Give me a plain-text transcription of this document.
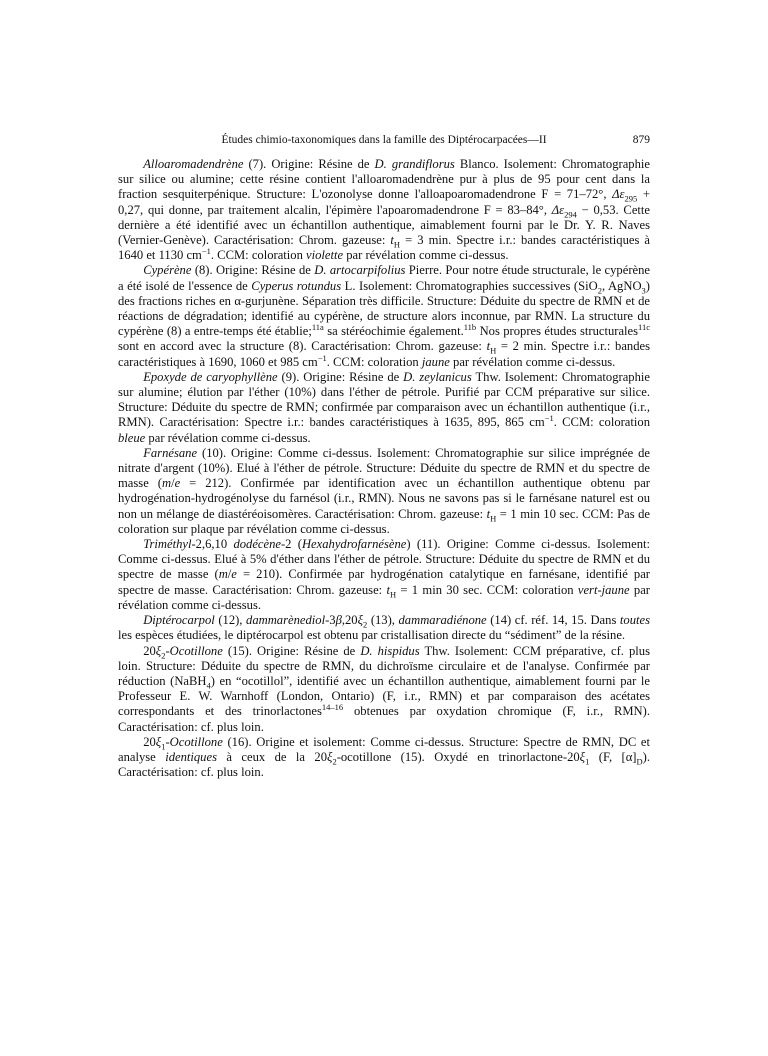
Études chimio-taxonomiques dans la famille des Diptérocarpacées—II	879

Alloaromadendrène (7). Origine: Résine de D. grandiflorus Blanco. Isolement: Chromatographie sur silice ou alumine; cette résine contient l'alloaromadendrène pur à plus de 95 pour cent dans la fraction sesquiterpénique. Structure: L'ozonolyse donne l'alloapoaromadendrone F = 71–72°, $\Delta\varepsilon_{295} + 0,27$, qui donne, par traitement alcalin, l'épimère l'apoaromadendrone F = 83–84°, $\Delta\varepsilon_{294} - 0,53$. Cette dernière a été identifié avec un échantillon authentique, aimablement fourni par le Dr. Y. R. Naves (Vernier-Genève). Caractérisation: Chrom. gazeuse: $t_H = 3$ min. Spectre i.r.: bandes caractéristiques à 1640 et 1130 $cm^{-1}$. CCM: coloration violette par révélation comme ci-dessus.

Cypérène (8). Origine: Résine de D. artocarpifolius Pierre. Pour notre étude structurale, le cypérène a été isolé de l'essence de Cyperus rotundus L. Isolement: Chromatographies successives (SiO$_2$, AgNO$_3$) des fractions riches en α-gurjunène. Séparation très difficile. Structure: Déduite du spectre de RMN et de réactions de dégradation; identifié au cypérène, de structure alors inconnue, par RMN. La structure du cypérène (8) a entre-temps été établie;$^{11a}$ sa stéréochimie également.$^{11b}$ Nos propres études structurales$^{11c}$ sont en accord avec la structure (8). Caractérisation: Chrom. gazeuse: $t_H = 2$ min. Spectre i.r.: bandes caractéristiques à 1690, 1060 et 985 $cm^{-1}$. CCM: coloration jaune par révélation comme ci-dessus.

Epoxyde de caryophyllène (9). Origine: Résine de D. zeylanicus Thw. Isolement: Chromatographie sur alumine; élution par l'éther (10%) dans l'éther de pétrole. Purifié par CCM préparative sur silice. Structure: Déduite du spectre de RMN; confirmée par comparaison avec un échantillon authentique (i.r., RMN). Caractérisation: Spectre i.r.: bandes caractéristiques à 1635, 895, 865 $cm^{-1}$. CCM: coloration bleue par révélation comme ci-dessus.

Farnésane (10). Origine: Comme ci-dessus. Isolement: Chromatographie sur silice imprégnée de nitrate d'argent (10%). Elué à l'éther de pétrole. Structure: Déduite du spectre de RMN et du spectre de masse (m/e = 212). Confirmée par identification avec un échantillon authentique obtenu par hydrogénation-hydrogénolyse du farnésol (i.r., RMN). Nous ne savons pas si le farnésane naturel est ou non un mélange de diastéréoisomères. Caractérisation: Chrom. gazeuse: $t_H = 1$ min 10 sec. CCM: Pas de coloration sur plaque par révélation comme ci-dessus.

Triméthyl-2,6,10 dodécène-2 (Hexahydrofarnésène) (11). Origine: Comme ci-dessus. Isolement: Comme ci-dessus. Elué à 5% d'éther dans l'éther de pétrole. Structure: Déduite du spectre de RMN et du spectre de masse (m/e = 210). Confirmée par hydrogénation catalytique en farnésane, identifié par spectre de masse. Caractérisation: Chrom. gazeuse: $t_H = 1$ min 30 sec. CCM: coloration vert-jaune par révélation comme ci-dessus.

Diptérocarpol (12), dammarènediol-$3\beta,20\xi_2$ (13), dammaradiénone (14) cf. réf. 14, 15. Dans toutes les espèces étudiées, le diptérocarpol est obtenu par cristallisation directe du “sédiment” de la résine.

$20\xi_2$-Ocotillone (15). Origine: Résine de D. hispidus Thw. Isolement: CCM préparative, cf. plus loin. Structure: Déduite du spectre de RMN, du dichroïsme circulaire et de l'analyse. Confirmée par réduction (NaBH$_4$) en “ocotillol”, identifié avec un échantillon authentique, aimablement fourni par le Professeur E. W. Warnhoff (London, Ontario) (F, i.r., RMN) et par comparaison des acétates correspondants et des trinorlactones$^{14-16}$ obtenues par oxydation chromique (F, i.r., RMN). Caractérisation: cf. plus loin.

$20\xi_1$-Ocotillone (16). Origine et isolement: Comme ci-dessus. Structure: Spectre de RMN, DC et analyse identiques à ceux de la $20\xi_2$-ocotillone (15). Oxydé en trinorlactone-$20\xi_1$ (F, $[\alpha]_D$). Caractérisation: cf. plus loin.
